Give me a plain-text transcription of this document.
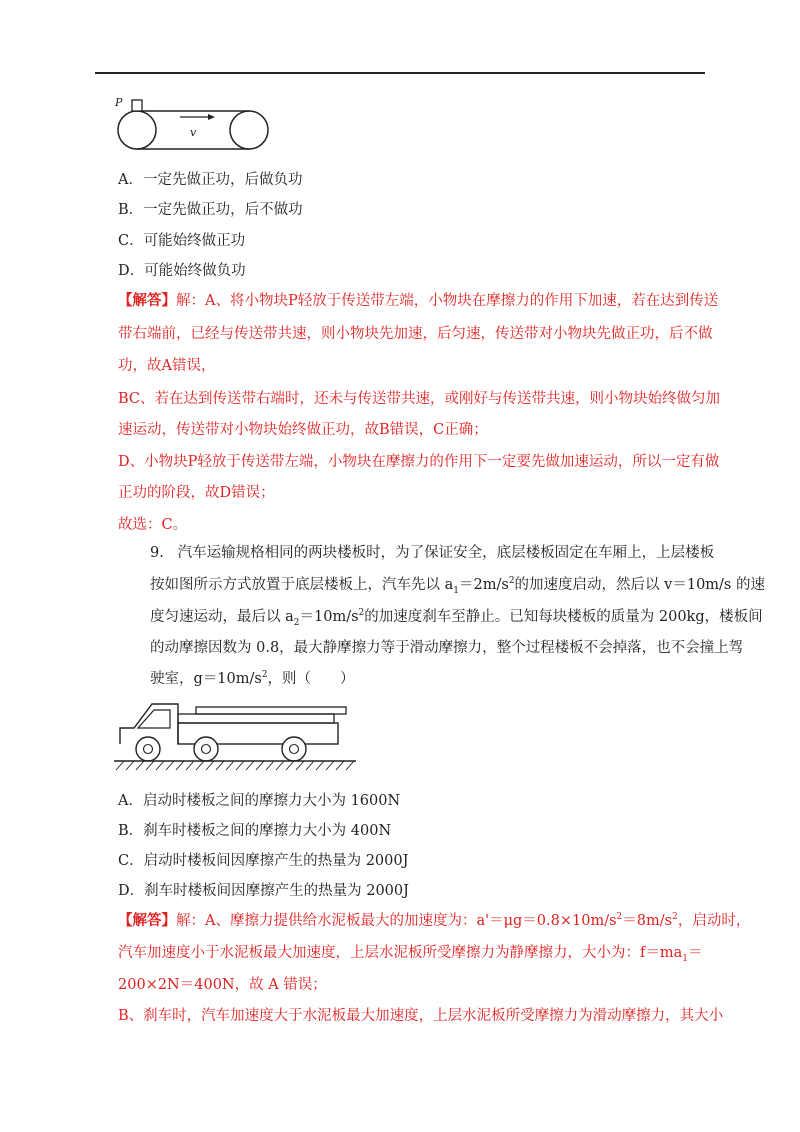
P
v
A．一定先做正功，后做负功
B．一定先做正功，后不做功
C．可能始终做正功
D．可能始终做负功
【解答】解：A、将小物块P轻放于传送带左端，小物块在摩擦力的作用下加速，若在达到传送
带右端前，已经与传送带共速，则小物块先加速，后匀速，传送带对小物块先做正功，后不做
功，故A错误，
BC、若在达到传送带右端时，还未与传送带共速，或刚好与传送带共速，则小物块始终做匀加
速运动，传送带对小物块始终做正功，故B错误，C正确；
D、小物块P轻放于传送带左端，小物块在摩擦力的作用下一定要先做加速运动，所以一定有做
正功的阶段，故D错误；
故选：C。
9. 汽车运输规格相同的两块楼板时，为了保证安全，底层楼板固定在车厢上，上层楼板
按如图所示方式放置于底层楼板上，汽车先以 $a_1=2m/s^2$的加速度启动，然后以 v＝10m/s 的速
度匀速运动，最后以 $a_2=10m/s^2$的加速度刹车至静止。已知每块楼板的质量为 200kg，楼板间
的动摩擦因数为 0.8，最大静摩擦力等于滑动摩擦力，整个过程楼板不会掉落，也不会撞上驾
驶室，$g=10m/s^2$，则（　　）
A．启动时楼板之间的摩擦力大小为 1600N
B．刹车时楼板之间的摩擦力大小为 400N
C．启动时楼板间因摩擦产生的热量为 2000J
D．刹车时楼板间因摩擦产生的热量为 2000J
【解答】解：A、摩擦力提供给水泥板最大的加速度为：$a'=\mu g=0.8\times 10m/s^2=8m/s^2$，启动时，
汽车加速度小于水泥板最大加速度，上层水泥板所受摩擦力为静摩擦力，大小为：$f=ma_1=$
200×2N＝400N，故 A 错误；
B、刹车时，汽车加速度大于水泥板最大加速度，上层水泥板所受摩擦力为滑动摩擦力，其大小
